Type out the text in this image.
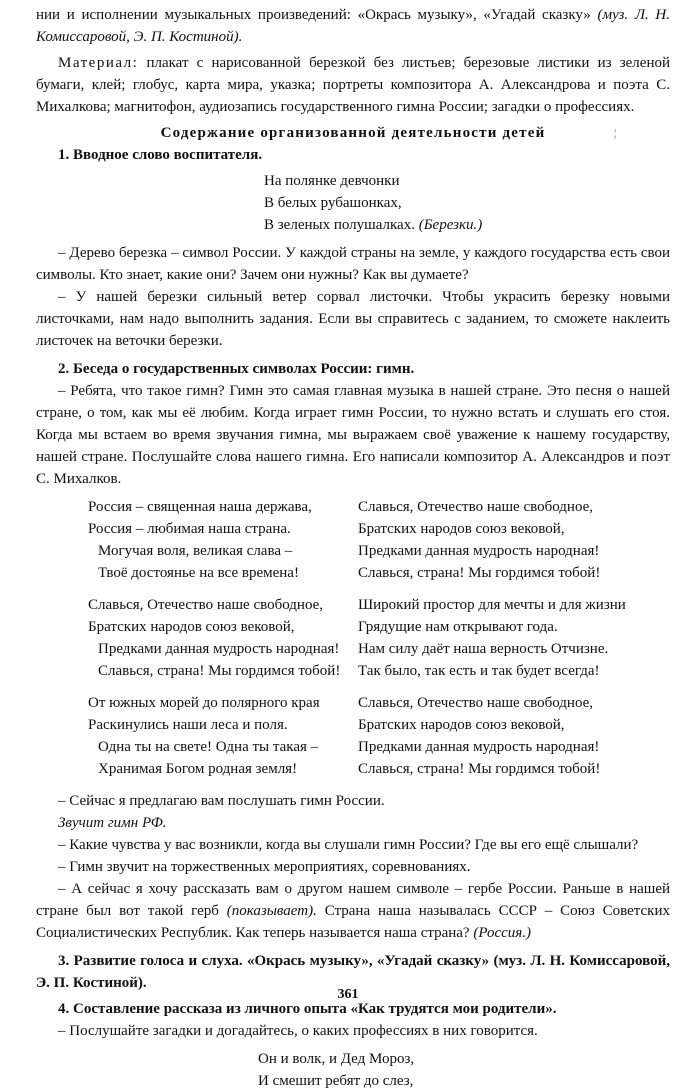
нии и исполнении музыкальных произведений: «Окрась музыку», «Угадай сказку» (муз. Л. Н. Комиссаровой, Э. П. Костиной).

Материал: плакат с нарисованной березкой без листьев; березовые листики из зеленой бумаги, клей; глобус, карта мира, указка; портреты композитора А. Александрова и поэта С. Михалкова; магнитофон, аудиозапись государственного гимна России; загадки о профессиях.

Содержание организованной деятельности детей	¦

1. Вводное слово воспитателя.

На полянке девчонки
В белых рубашонках,
В зеленых полушалках. (Березки.)

– Дерево березка – символ России. У каждой страны на земле, у каждого государства есть свои символы. Кто знает, какие они? Зачем они нужны? Как вы думаете?

– У нашей березки сильный ветер сорвал листочки. Чтобы украсить березку новыми листочками, нам надо выполнить задания. Если вы справитесь с заданием, то сможете наклеить листочек на веточки березки.

2. Беседа о государственных символах России: гимн.

– Ребята, что такое гимн? Гимн это самая главная музыка в нашей стране. Это песня о нашей стране, о том, как мы её любим. Когда играет гимн России, то нужно встать и слушать его стоя. Когда мы встаем во время звучания гимна, мы выражаем своё уважение к нашему государству, нашей стране. Послушайте слова нашего гимна. Его написали композитор А. Александров и поэт С. Михалков.

Россия – священная наша держава,
Россия – любимая наша страна.
Могучая воля, великая слава –
Твоё достоянье на все времена!
Славься, Отечество наше свободное,
Братских народов союз вековой,
Предками данная мудрость народная!
Славься, страна! Мы гордимся тобой!
От южных морей до полярного края
Раскинулись наши леса и поля.
Одна ты на свете! Одна ты такая –
Хранимая Богом родная земля!
Славься, Отечество наше свободное,
Братских народов союз вековой,
Предками данная мудрость народная!
Славься, страна! Мы гордимся тобой!
Широкий простор для мечты и для жизни
Грядущие нам открывают года.
Нам силу даёт наша верность Отчизне.
Так было, так есть и так будет всегда!
Славься, Отечество наше свободное,
Братских народов союз вековой,
Предками данная мудрость народная!
Славься, страна! Мы гордимся тобой!

– Сейчас я предлагаю вам послушать гимн России.

Звучит гимн РФ.

– Какие чувства у вас возникли, когда вы слушали гимн России? Где вы его ещё слышали?

– Гимн звучит на торжественных мероприятиях, соревнованиях.

– А сейчас я хочу рассказать вам о другом нашем символе – гербе России. Раньше в нашей стране был вот такой герб (показывает). Страна наша называлась СССР – Союз Советских Социалистических Республик. Как теперь называется наша страна? (Россия.)

3. Развитие голоса и слуха. «Окрась музыку», «Угадай сказку» (муз. Л. Н. Комиссаровой, Э. П. Костиной).

4. Составление рассказа из личного опыта «Как трудятся мои родители».

– Послушайте загадки и догадайтесь, о каких профессиях в них говорится.

Он и волк, и Дед Мороз,
И смешит ребят до слез,
361
